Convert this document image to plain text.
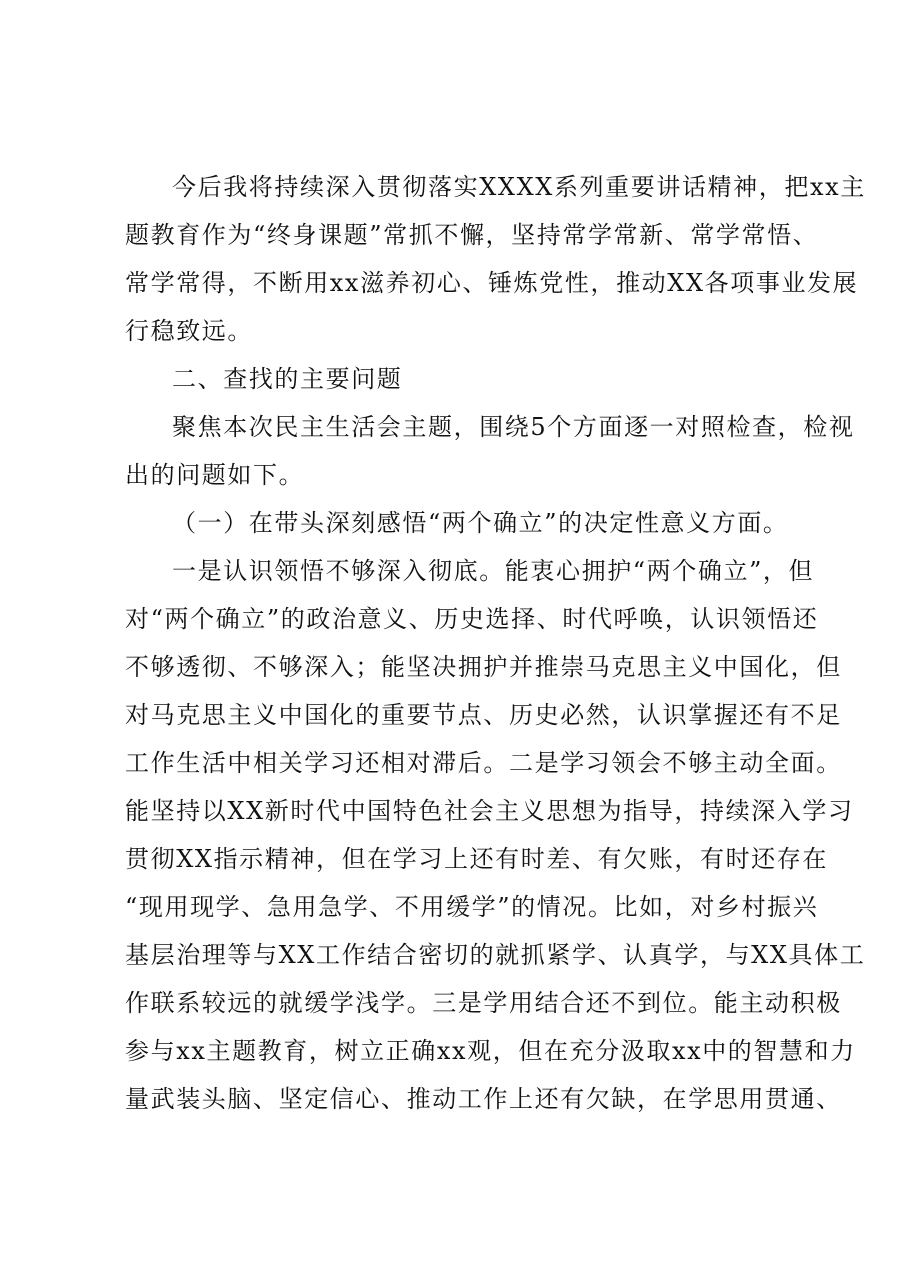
今后我将持续深入贯彻落实XXXX系列重要讲话精神，把xx主
题教育作为“终身课题”常抓不懈，坚持常学常新、常学常悟、
常学常得，不断用xx滋养初心、锤炼党性，推动XX各项事业发展
行稳致远。
二、查找的主要问题
聚焦本次民主生活会主题，围绕5个方面逐一对照检查，检视
出的问题如下。
（一）在带头深刻感悟“两个确立”的决定性意义方面。
一是认识领悟不够深入彻底。能衷心拥护“两个确立”，但
对“两个确立”的政治意义、历史选择、时代呼唤，认识领悟还
不够透彻、不够深入；能坚决拥护并推崇马克思主义中国化，但
对马克思主义中国化的重要节点、历史必然，认识掌握还有不足
工作生活中相关学习还相对滞后。二是学习领会不够主动全面。
能坚持以XX新时代中国特色社会主义思想为指导，持续深入学习
贯彻XX指示精神，但在学习上还有时差、有欠账，有时还存在
“现用现学、急用急学、不用缓学”的情况。比如，对乡村振兴
基层治理等与XX工作结合密切的就抓紧学、认真学，与XX具体工
作联系较远的就缓学浅学。三是学用结合还不到位。能主动积极
参与xx主题教育，树立正确xx观，但在充分汲取xx中的智慧和力
量武装头脑、坚定信心、推动工作上还有欠缺，在学思用贯通、
